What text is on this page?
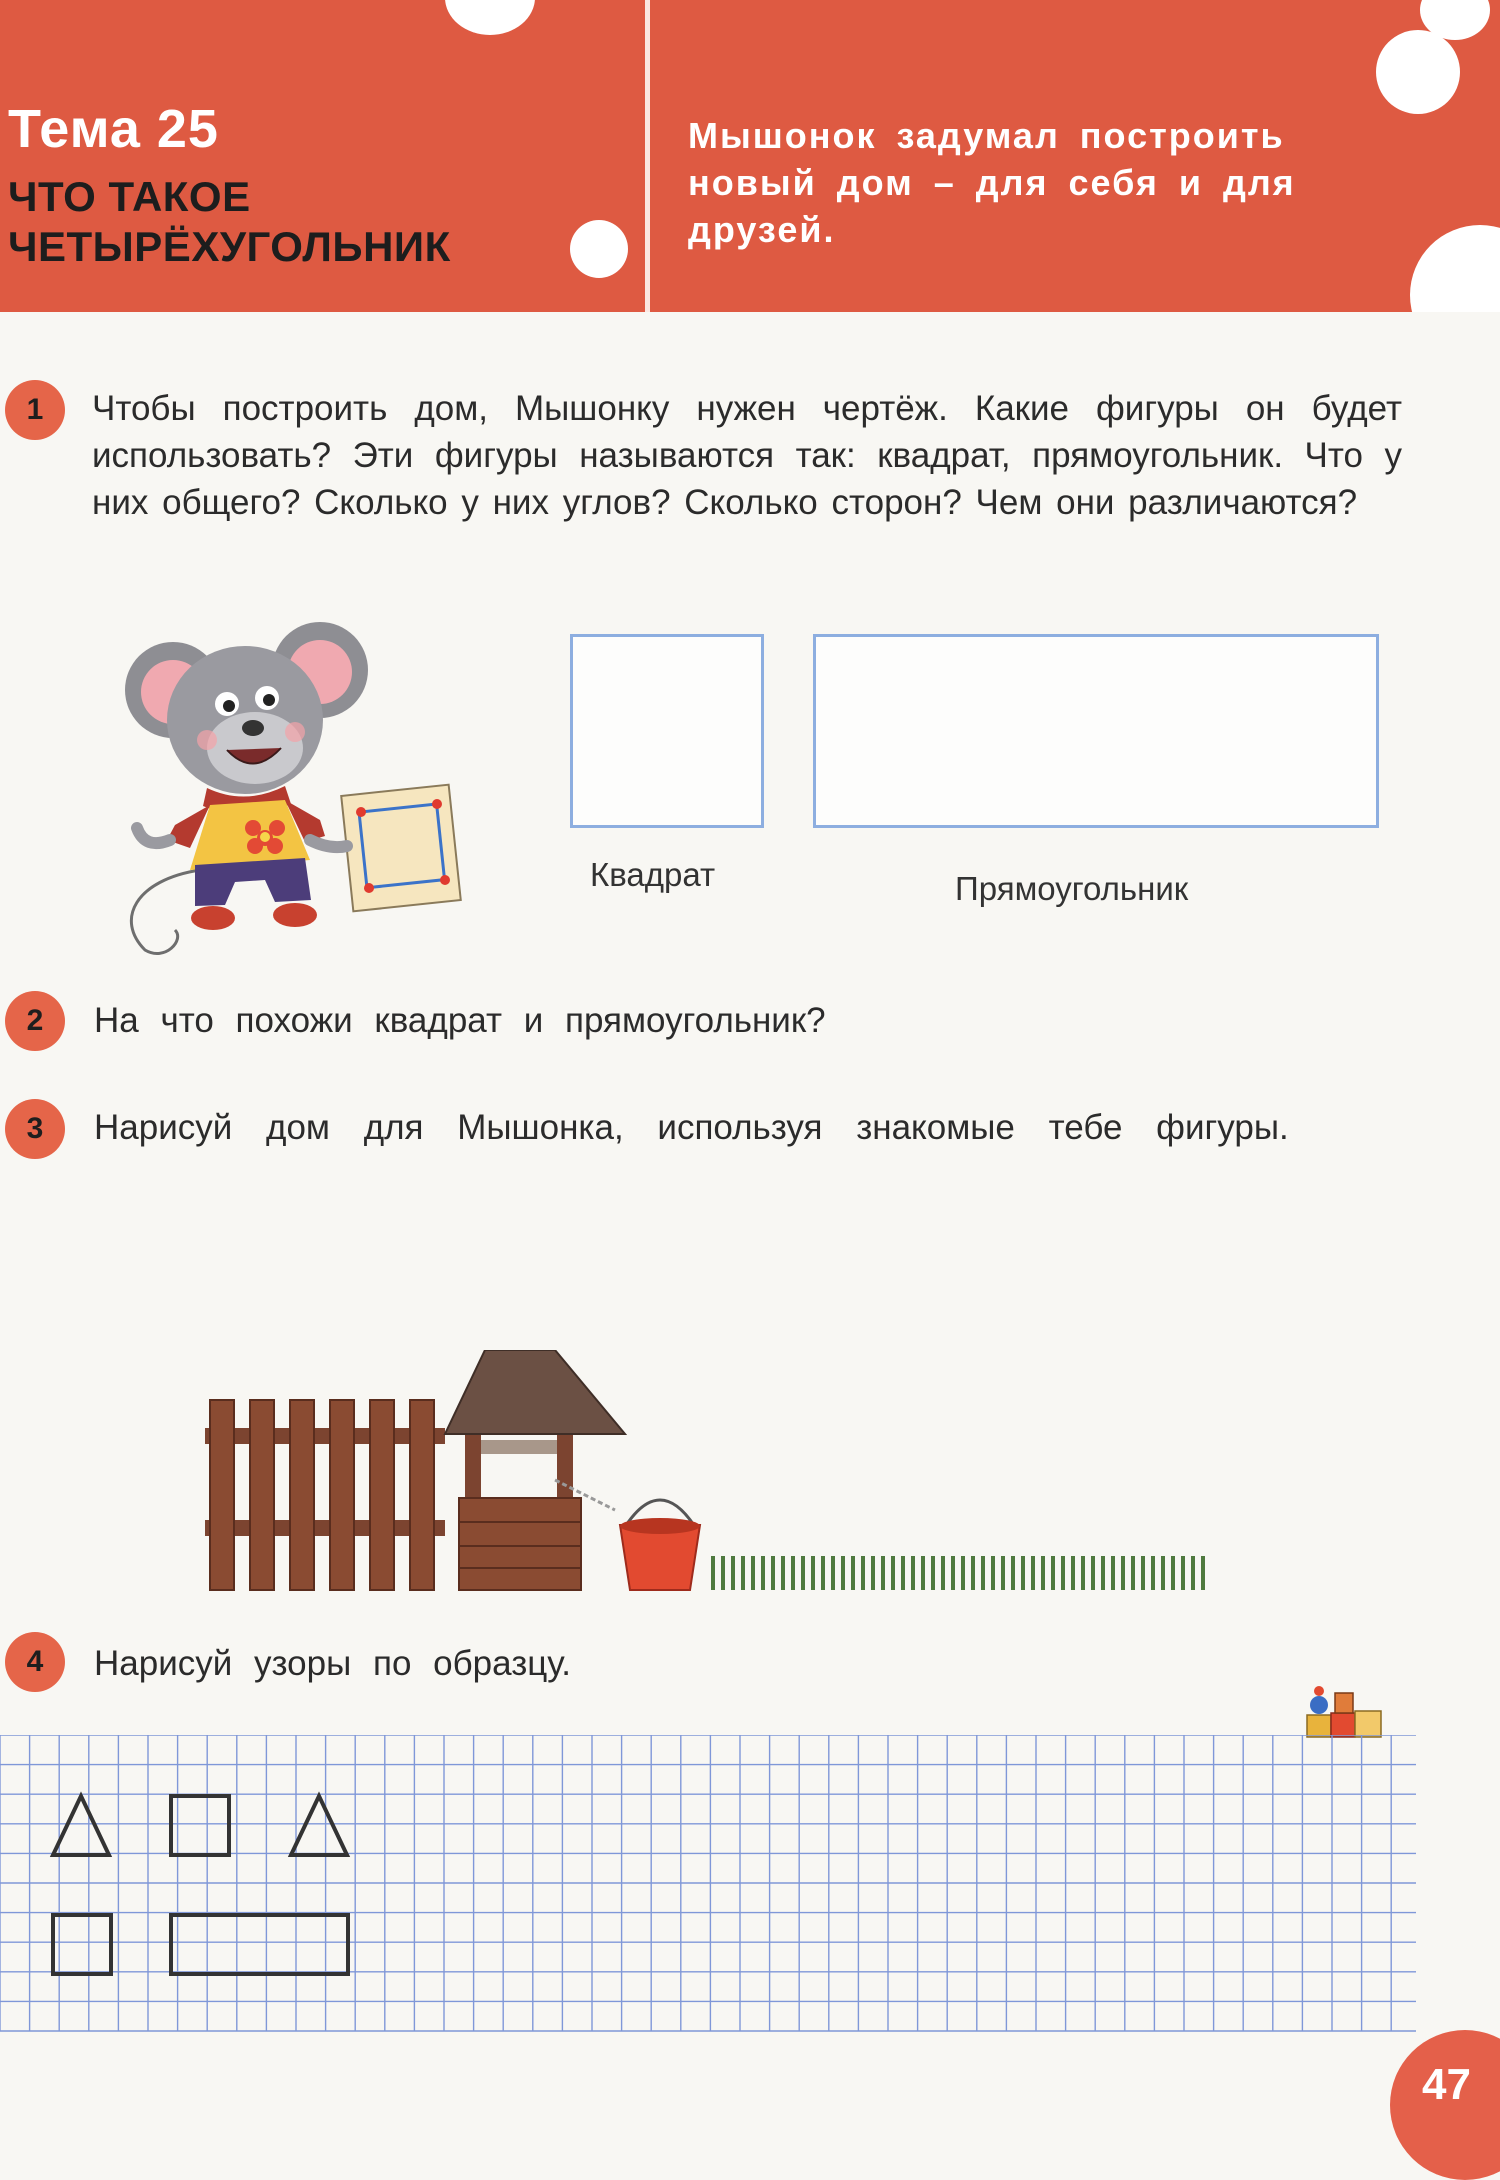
Тема 25
ЧТО ТАКОЕ
ЧЕТЫРЁХУГОЛЬНИК

Мышонок задумал построить новый дом – для себя и для друзей.

1	Чтобы построить дом, Мышонку нужен чертёж. Какие фигуры он будет использовать? Эти фигуры называются так: квадрат, прямоугольник. Что у них общего? Сколько у них углов? Сколько сторон? Чем они различаются?

Квадрат	Прямоугольник
2	На что похожи квадрат и прямоугольник?

3	Нарисуй дом для Мышонка, используя знакомые тебе фигуры.

4	Нарисуй узоры по образцу.

47
